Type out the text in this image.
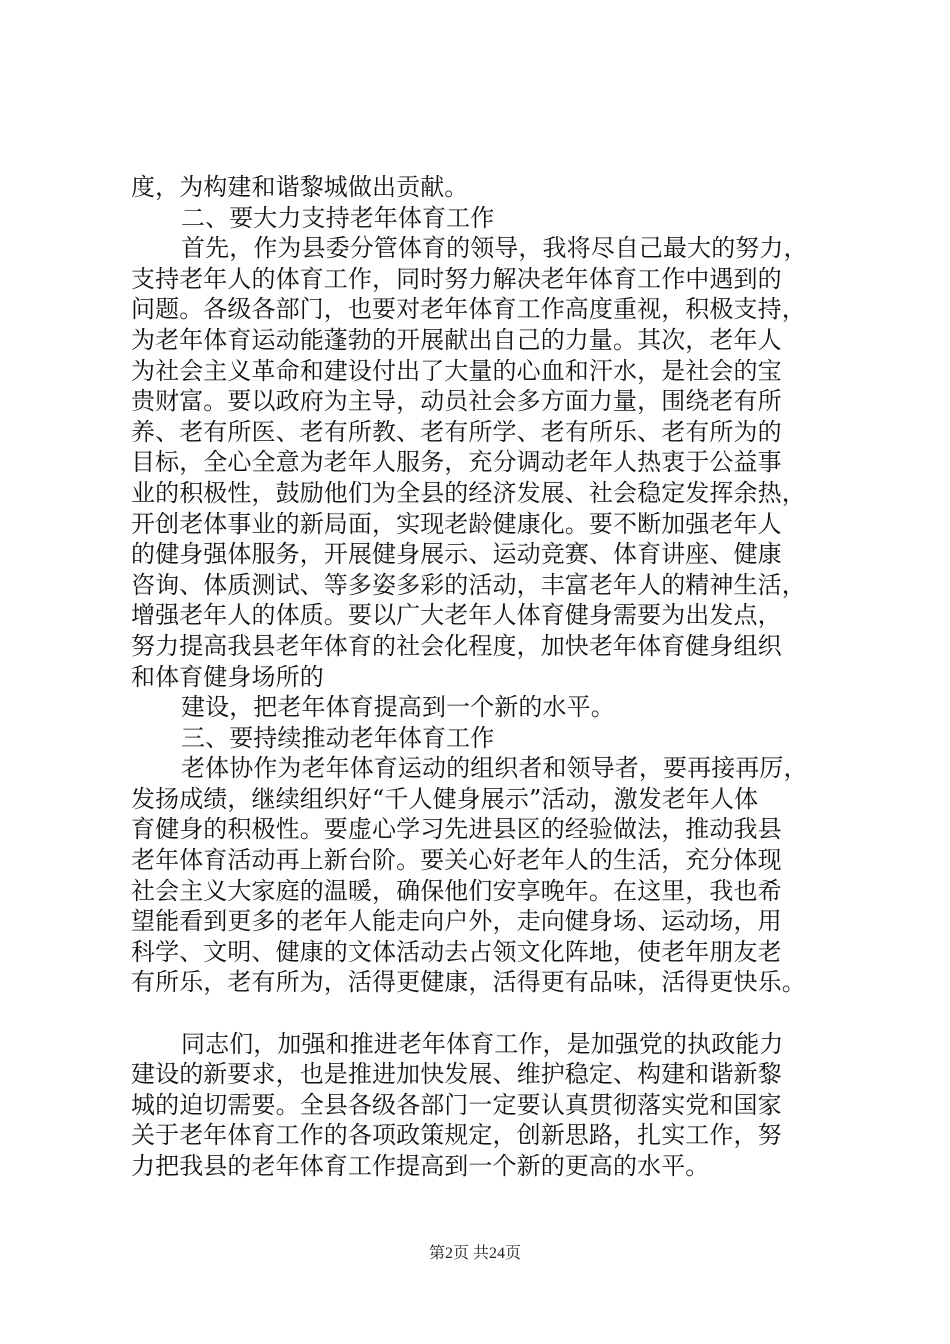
度，为构建和谐黎城做出贡献。
二、要大力支持老年体育工作
首先，作为县委分管体育的领导，我将尽自己最大的努力，
支持老年人的体育工作，同时努力解决老年体育工作中遇到的
问题。各级各部门，也要对老年体育工作高度重视，积极支持，
为老年体育运动能蓬勃的开展献出自己的力量。其次，老年人
为社会主义革命和建设付出了大量的心血和汗水，是社会的宝
贵财富。要以政府为主导，动员社会多方面力量，围绕老有所
养、老有所医、老有所教、老有所学、老有所乐、老有所为的
目标，全心全意为老年人服务，充分调动老年人热衷于公益事
业的积极性，鼓励他们为全县的经济发展、社会稳定发挥余热，
开创老体事业的新局面，实现老龄健康化。要不断加强老年人
的健身强体服务，开展健身展示、运动竞赛、体育讲座、健康
咨询、体质测试、等多姿多彩的活动，丰富老年人的精神生活，
增强老年人的体质。要以广大老年人体育健身需要为出发点，
努力提高我县老年体育的社会化程度，加快老年体育健身组织
和体育健身场所的
建设，把老年体育提高到一个新的水平。
三、要持续推动老年体育工作
老体协作为老年体育运动的组织者和领导者，要再接再厉，
发扬成绩，继续组织好“千人健身展示”活动，激发老年人体
育健身的积极性。要虚心学习先进县区的经验做法，推动我县
老年体育活动再上新台阶。要关心好老年人的生活，充分体现
社会主义大家庭的温暖，确保他们安享晚年。在这里，我也希
望能看到更多的老年人能走向户外，走向健身场、运动场，用
科学、文明、健康的文体活动去占领文化阵地，使老年朋友老
有所乐，老有所为，活得更健康，活得更有品味，活得更快乐。
同志们，加强和推进老年体育工作，是加强党的执政能力
建设的新要求，也是推进加快发展、维护稳定、构建和谐新黎
城的迫切需要。全县各级各部门一定要认真贯彻落实党和国家
关于老年体育工作的各项政策规定，创新思路，扎实工作，努
力把我县的老年体育工作提高到一个新的更高的水平。
第2页 共24页
